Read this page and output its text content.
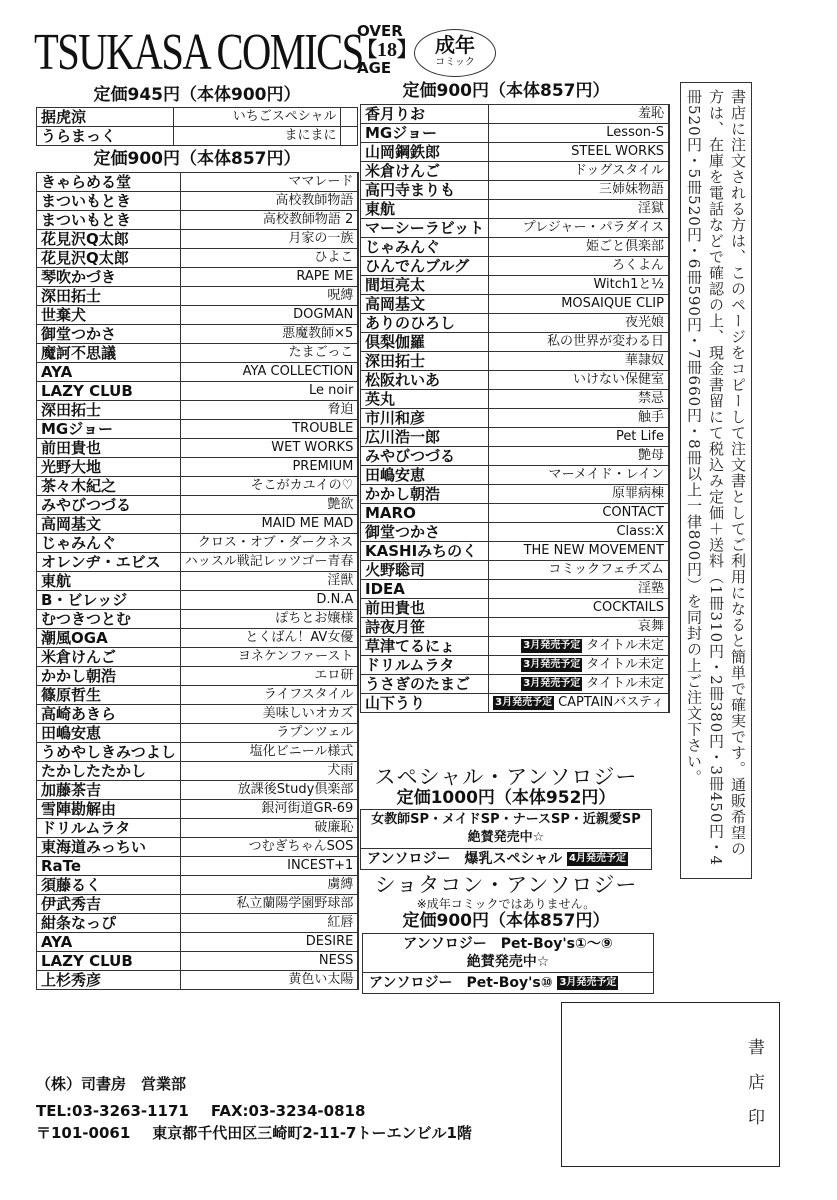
TSUKASA COMICS
OVER
【18】
AGE
成年
コミック
定価945円（本体900円）
据虎涼	いちごスペシャル	
うらまっく	まにまに	
定価900円（本体857円）
きゃらめる堂	ママレード	
まついもとき	高校教師物語	
まついもとき	高校教師物語 2	
花見沢Q太郎	月家の一族	
花見沢Q太郎	ひよこ	
琴吹かづき	RAPE ME	
深田拓士	呪縛	
世棄犬	DOGMAN	
御堂つかさ	悪魔教師×5	
魔訶不思議	たまごっこ	
AYA	AYA COLLECTION	
LAZY CLUB	Le noir	
深田拓士	脅迫	
MGジョー	TROUBLE	
前田貴也	WET WORKS	
光野大地	PREMIUM	
茶々木紀之	そこがカユイの♡	
みやびつづる	艶欲	
高岡基文	MAID ME MAD	
じゃみんぐ	クロス・オブ・ダークネス	
オレンヂ・エビス	ハッスル戦記レッツゴー青春	
東航	淫獣	
B・ビレッジ	D.N.A	
むつきつとむ	ぽちとお嬢様	
潮風OGA	とくばん！AV女優	
米倉けんご	ヨネケンファースト	
かかし朝浩	エロ研	
篠原哲生	ライフスタイル	
高崎あきら	美味しいオカズ	
田嶋安恵	ラプンツェル	
うめやしきみつよし	塩化ビニール様式	
たかしたたかし	犬雨	
加藤茶吉	放課後Study倶楽部	
雪陣勘解由	銀河街道GR-69	
ドリルムラタ	破廉恥	
東海道みっちい	つむぎちゃんSOS	
RaTe	INCEST+1	
須藤るく	虜縛	
伊武秀吉	私立蘭陽学園野球部	
紺条なっぴ	紅唇	
AYA	DESIRE	
LAZY CLUB	NESS	
上杉秀彦	黄色い太陽	
定価900円（本体857円）
香月りお	羞恥	
MGジョー	Lesson-S	
山岡鋼鉄郎	STEEL WORKS	
米倉けんご	ドッグスタイル	
高円寺まりも	三姉妹物語	
東航	淫獄	
マーシーラビット	プレジャー・パラダイス	
じゃみんぐ	姫ごと倶楽部	
ひんでんブルグ	ろくよん	
間垣亮太	Witch1と½	
高岡基文	MOSAIQUE CLIP	
ありのひろし	夜光娘	
倶梨伽羅	私の世界が変わる日	
深田拓士	華隷奴	
松阪れいあ	いけない保健室	
英丸	禁忌	
市川和彦	触手	
広川浩一郎	Pet Life	
みやびつづる	艶母	
田嶋安恵	マーメイド・レイン	
かかし朝浩	原罪病棟	
MARO	CONTACT	
御堂つかさ	Class:X	
KASHIみちのく	THE NEW MOVEMENT	
火野聡司	コミックフェチズム	
IDEA	淫塾	
前田貴也	COCKTAILS	
詩夜月笹	哀舞	
草津てるにょ	3月発売予定 タイトル未定	
ドリルムラタ	3月発売予定 タイトル未定	
うさぎのたまご	3月発売予定 タイトル未定	
山下うり	3月発売予定 CAPTAINバスティ	
スペシャル・アンソロジー
定価1000円（本体952円）
女教師SP・メイドSP・ナースSP・近親愛SP
絶賛発売中☆
アンソロジー　爆乳スペシャル 4月発売予定
ショタコン・アンソロジー
※成年コミックではありません。
定価900円（本体857円）
アンソロジー　Pet-Boy's①〜⑨
絶賛発売中☆
アンソロジー　Pet-Boy's⑩ 3月発売予定
書店に注文される方は、このページをコピーして注文書としてご利用になると簡単で確実です。通販希望の方は、在庫を電話などで確認の上、現金書留にて税込み定価＋送料（1冊310円・2冊380円・3冊450円・4冊520円・5冊520円・6冊590円・7冊660円・8冊以上一律800円）を同封の上ご注文下さい。
書店印
（株）司書房　営業部
TEL:03-3263-1171 FAX:03-3234-0818
〒101-0061 東京都千代田区三崎町2-11-7トーエンビル1階
